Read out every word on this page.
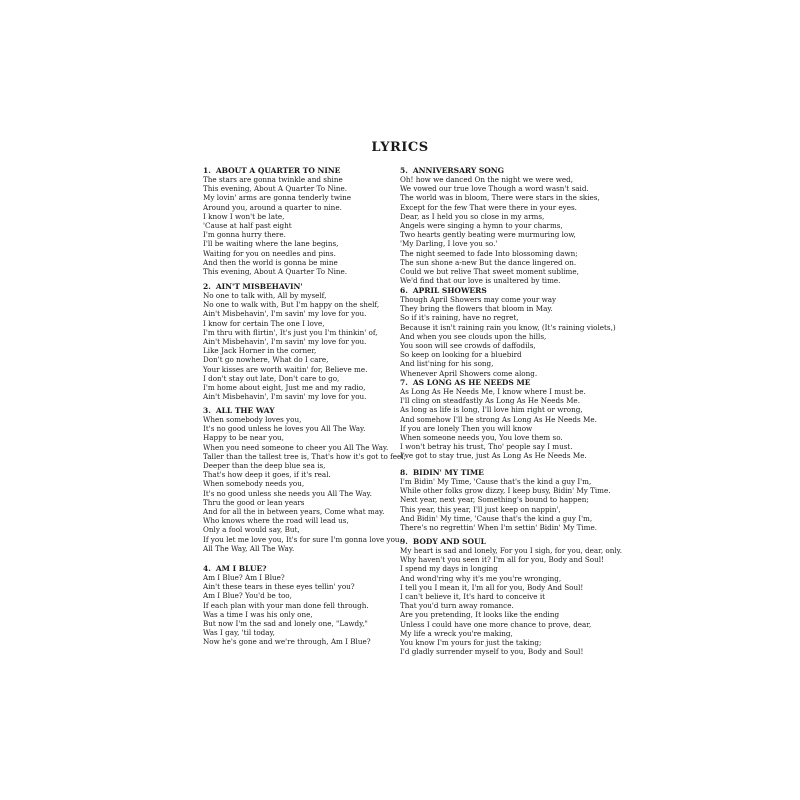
LYRICS
1. ABOUT A QUARTER TO NINE
The stars are gonna twinkle and shine
This evening, About A Quarter To Nine.
My lovin' arms are gonna tenderly twine
Around you, around a quarter to nine.
I know I won't be late,
'Cause at half past eight
I'm gonna hurry there.
I'll be waiting where the lane begins,
Waiting for you on needles and pins.
And then the world is gonna be mine
This evening, About A Quarter To Nine.
2. AIN'T MISBEHAVIN'
No one to talk with, All by myself,
No one to walk with, But I'm happy on the shelf,
Ain't Misbehavin', I'm savin' my love for you.
I know for certain The one I love,
I'm thru with flirtin', It's just you I'm thinkin' of,
Ain't Misbehavin', I'm savin' my love for you.
Like Jack Horner in the corner,
Don't go nowhere, What do I care,
Your kisses are worth waitin' for, Believe me.
I don't stay out late, Don't care to go,
I'm home about eight, Just me and my radio,
Ain't Misbehavin', I'm savin' my love for you.
3. ALL THE WAY
When somebody loves you,
It's no good unless he loves you All The Way.
Happy to be near you,
When you need someone to cheer you All The Way.
Taller than the tallest tree is, That's how it's got to feel;
Deeper than the deep blue sea is,
That's how deep it goes, if it's real.
When somebody needs you,
It's no good unless she needs you All The Way.
Thru the good or lean years
And for all the in between years, Come what may.
Who knows where the road will lead us,
Only a fool would say, But,
If you let me love you, It's for sure I'm gonna love you,
All The Way, All The Way.
4. AM I BLUE?
Am I Blue? Am I Blue?
Ain't these tears in these eyes tellin' you?
Am I Blue? You'd be too,
If each plan with your man done fell through.
Was a time I was his only one,
But now I'm the sad and lonely one, "Lawdy,"
Was I gay, 'til today,
Now he's gone and we're through, Am I Blue?
5. ANNIVERSARY SONG
Oh! how we danced On the night we were wed,
We vowed our true love Though a word wasn't said.
The world was in bloom, There were stars in the skies,
Except for the few That were there in your eyes.
Dear, as I held you so close in my arms,
Angels were singing a hymn to your charms,
Two hearts gently beating were murmuring low,
'My Darling, I love you so.'
The night seemed to fade Into blossoming dawn;
The sun shone a-new But the dance lingered on.
Could we but relive That sweet moment sublime,
We'd find that our love is unaltered by time.
6. APRIL SHOWERS
Though April Showers may come your way
They bring the flowers that bloom in May.
So if it's raining, have no regret,
Because it isn't raining rain you know, (It's raining violets,)
And when you see clouds upon the hills,
You soon will see crowds of daffodils,
So keep on looking for a bluebird
And list'ning for his song,
Whenever April Showers come along.
7. AS LONG AS HE NEEDS ME
As Long As He Needs Me, I know where I must be.
I'll cling on steadfastly As Long As He Needs Me.
As long as life is long, I'll love him right or wrong,
And somehow I'll be strong As Long As He Needs Me.
If you are lonely Then you will know
When someone needs you, You love them so.
I won't betray his trust, Tho' people say I must.
I've got to stay true, just As Long As He Needs Me.
8. BIDIN' MY TIME
I'm Bidin' My Time, 'Cause that's the kind a guy I'm,
While other folks grow dizzy, I keep busy, Bidin' My Time.
Next year, next year, Something's bound to happen;
This year, this year, I'll just keep on nappin',
And Bidin' My time, 'Cause that's the kind a guy I'm,
There's no regrettin' When I'm settin' Bidin' My Time.
9. BODY AND SOUL
My heart is sad and lonely, For you I sigh, for you, dear, only.
Why haven't you seen it? I'm all for you, Body and Soul!
I spend my days in longing
And wond'ring why it's me you're wronging,
I tell you I mean it, I'm all for you, Body And Soul!
I can't believe it, It's hard to conceive it
That you'd turn away romance.
Are you pretending, It looks like the ending
Unless I could have one more chance to prove, dear,
My life a wreck you're making,
You know I'm yours for just the taking;
I'd gladly surrender myself to you, Body and Soul!
